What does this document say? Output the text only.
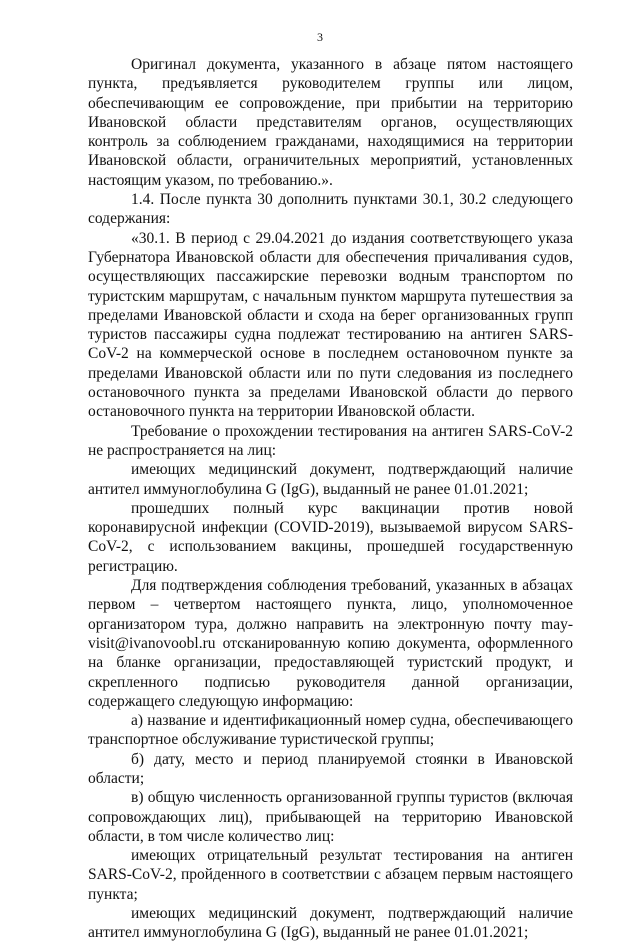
3

Оригинал документа, указанного в абзаце пятом настоящего пункта, предъявляется руководителем группы или лицом, обеспечивающим ее сопровождение, при прибытии на территорию Ивановской области представителям органов, осуществляющих контроль за соблюдением гражданами, находящимися на территории Ивановской области, ограничительных мероприятий, установленных настоящим указом, по требованию.».

1.4. После пункта 30 дополнить пунктами 30.1, 30.2 следующего содержания:

«30.1. В период с 29.04.2021 до издания соответствующего указа Губернатора Ивановской области для обеспечения причаливания судов, осуществляющих пассажирские перевозки водным транспортом по туристским маршрутам, с начальным пунктом маршрута путешествия за пределами Ивановской области и схода на берег организованных групп туристов пассажиры судна подлежат тестированию на антиген SARS-CoV-2 на коммерческой основе в последнем остановочном пункте за пределами Ивановской области или по пути следования из последнего остановочного пункта за пределами Ивановской области до первого остановочного пункта на территории Ивановской области.

Требование о прохождении тестирования на антиген SARS-CoV-2 не распространяется на лиц:

имеющих медицинский документ, подтверждающий наличие антител иммуноглобулина G (IgG), выданный не ранее 01.01.2021;

прошедших полный курс вакцинации против новой коронавирусной инфекции (COVID-2019), вызываемой вирусом SARS-CoV-2, с использованием вакцины, прошедшей государственную регистрацию.

Для подтверждения соблюдения требований, указанных в абзацах первом – четвертом настоящего пункта, лицо, уполномоченное организатором тура, должно направить на электронную почту may-visit@ivanovoobl.ru отсканированную копию документа, оформленного на бланке организации, предоставляющей туристский продукт, и скрепленного подписью руководителя данной организации, содержащего следующую информацию:

а) название и идентификационный номер судна, обеспечивающего транспортное обслуживание туристической группы;

б) дату, место и период планируемой стоянки в Ивановской области;

в) общую численность организованной группы туристов (включая сопровождающих лиц), прибывающей на территорию Ивановской области, в том числе количество лиц:

имеющих отрицательный результат тестирования на антиген SARS-CoV-2, пройденного в соответствии с абзацем первым настоящего пункта;

имеющих медицинский документ, подтверждающий наличие антител иммуноглобулина G (IgG), выданный не ранее 01.01.2021;
